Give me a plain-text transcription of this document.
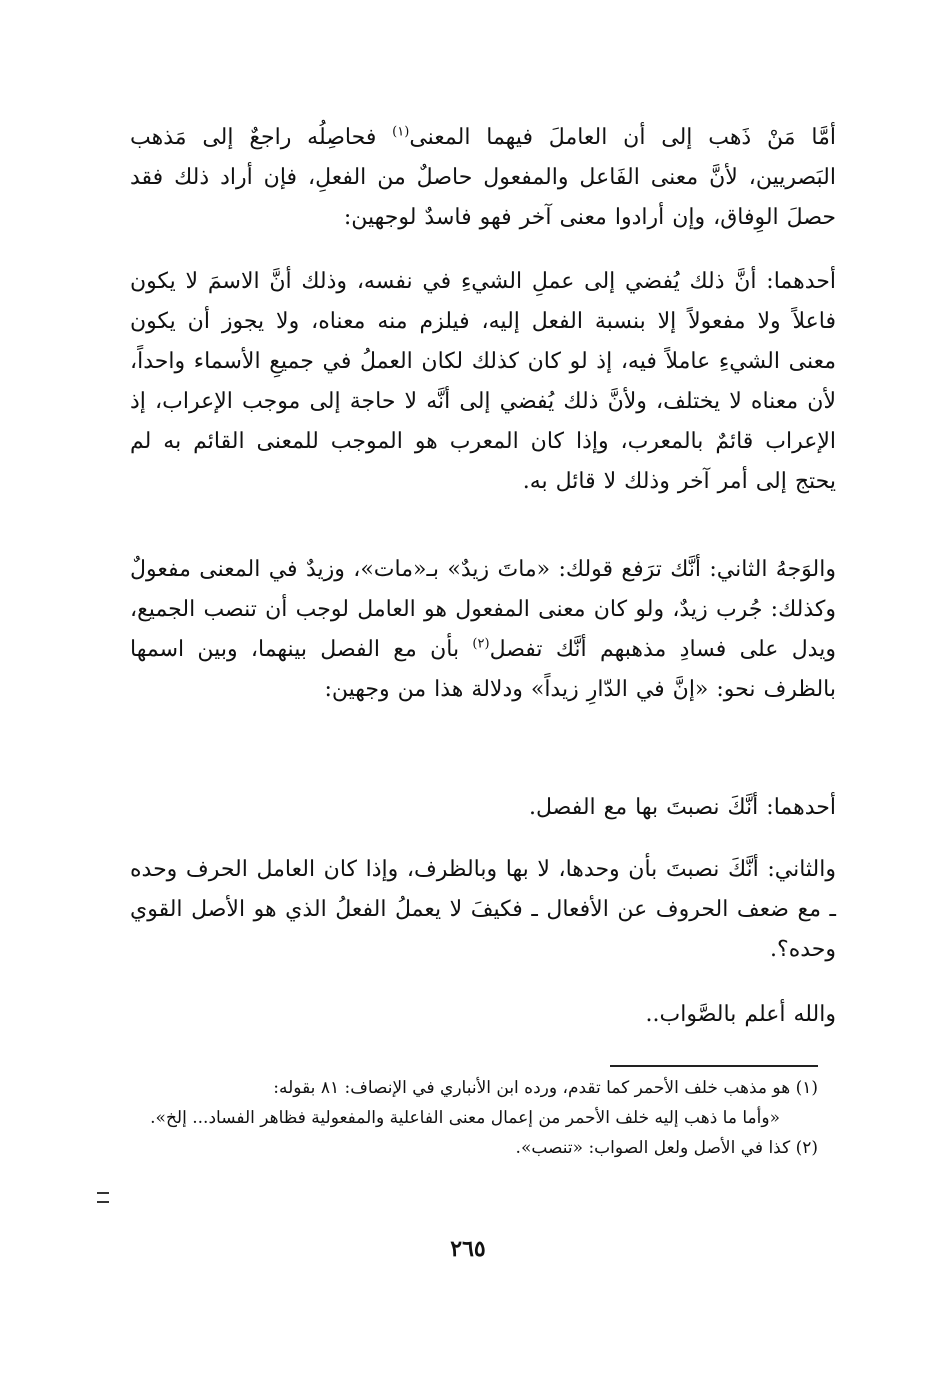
أمَّا مَنْ ذَهب إلى أن العاملَ فيهما المعنى$^{(١)}$ فحاصِلُه راجعٌ إلى مَذهب البَصريين، لأنَّ معنى الفَاعل والمفعول حاصلٌ من الفعلِ، فإن أراد ذلك فقد حصلَ الوِفاق، وإن أرادوا معنى آخر فهو فاسدٌ لوجهين:

أحدهما: أنَّ ذلك يُفضي إلى عملِ الشيءِ في نفسه، وذلك أنَّ الاسمَ لا يكون فاعلاً ولا مفعولاً إلا بنسبة الفعل إليه، فيلزم منه معناه، ولا يجوز أن يكون معنى الشيءِ عاملاً فيه، إذ لو كان كذلك لكان العملُ في جميعِ الأسماء واحداً، لأن معناه لا يختلف، ولأنَّ ذلك يُفضي إلى أنَّه لا حاجة إلى موجب الإعراب، إذ الإعراب قائمٌ بالمعرب، وإذا كان المعرب هو الموجب للمعنى القائم به لم يحتج إلى أمر آخر وذلك لا قائل به.

والوَجهُ الثاني: أنَّك ترَفع قولك: «ماتَ زيدٌ» بـ«مات»، وزيدٌ في المعنى مفعولٌ وكذلك: جُرب زيدٌ، ولو كان معنى المفعول هو العامل لوجب أن تنصب الجميع، ويدل على فسادِ مذهبهم أنَّك تفصل$^{(٢)}$ بأن مع الفصل بينهما، وبين اسمها بالظرف نحو: «إنَّ في الدّارِ زيداً» ودلالة هذا من وجهين:

أحدهما: أنَّكَ نصبتَ بها مع الفصل.

والثاني: أنَّكَ نصبتَ بأن وحدها، لا بها وبالظرف، وإذا كان العامل الحرف وحده ـ مع ضعف الحروف عن الأفعال ـ فكيفَ لا يعملُ الفعلُ الذي هو الأصل القوي وحده؟.

والله أعلم بالصَّواب..

(١) هو مذهب خلف الأحمر كما تقدم، ورده ابن الأنباري في الإنصاف: ٨١ بقوله:

«وأما ما ذهب إليه خلف الأحمر من إعمال معنى الفاعلية والمفعولية فظاهر الفساد... إلخ».

(٢) كذا في الأصل ولعل الصواب: «تنصب».

٢٦٥
